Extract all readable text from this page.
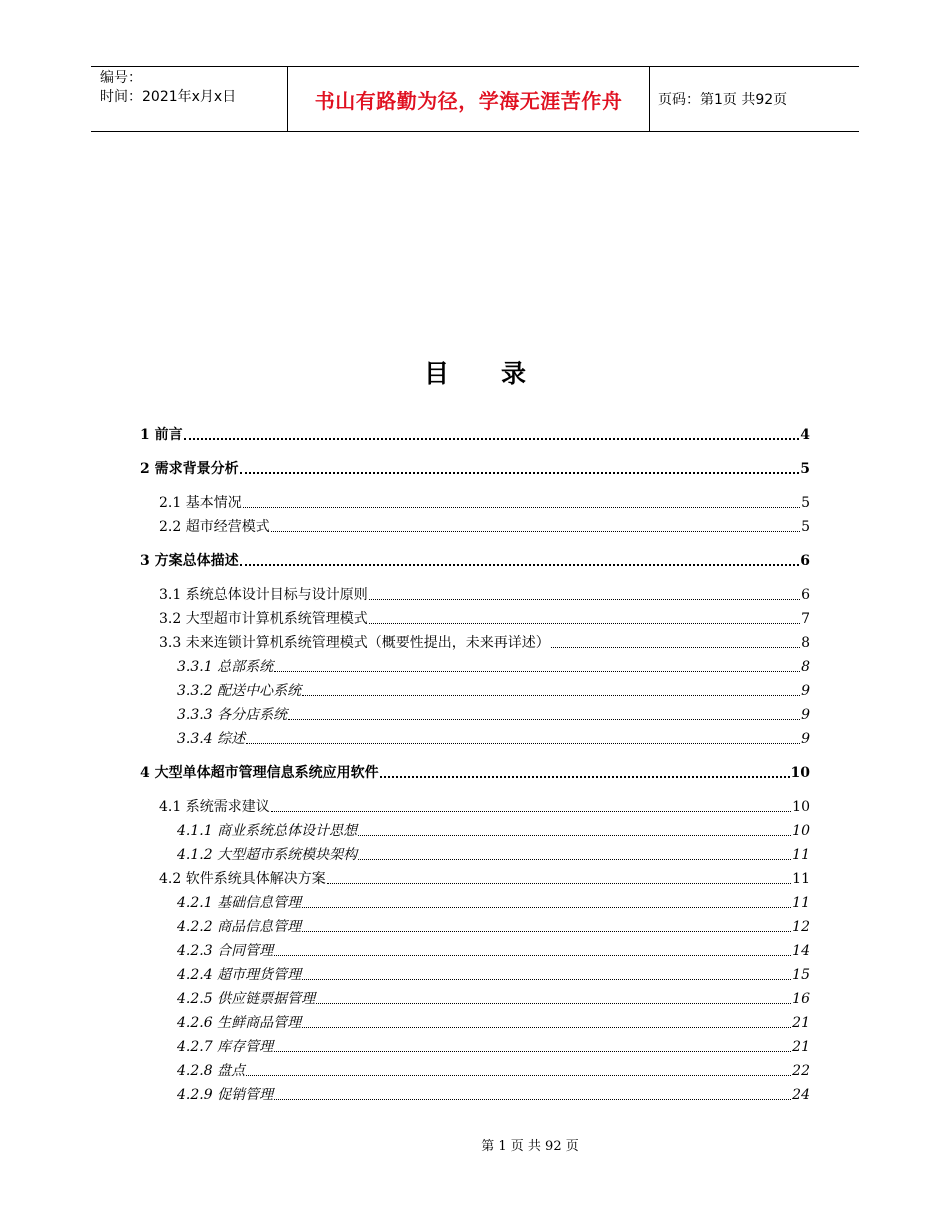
编号：
时间：2021年x月x日	书山有路勤为径，学海无涯苦作舟	页码：第1页 共92页
目录
1 前言	4
2 需求背景分析	5
2.1 基本情况	5
2.2 超市经营模式	5
3 方案总体描述	6
3.1 系统总体设计目标与设计原则	6
3.2 大型超市计算机系统管理模式	7
3.3 未来连锁计算机系统管理模式（概要性提出，未来再详述）	8
3.3.1 总部系统	8
3.3.2 配送中心系统	9
3.3.3 各分店系统	9
3.3.4 综述	9
4 大型单体超市管理信息系统应用软件	10
4.1 系统需求建议	10
4.1.1 商业系统总体设计思想	10
4.1.2 大型超市系统模块架构	11
4.2 软件系统具体解决方案	11
4.2.1 基础信息管理	11
4.2.2 商品信息管理	12
4.2.3 合同管理	14
4.2.4 超市理货管理	15
4.2.5 供应链票据管理	16
4.2.6 生鲜商品管理	21
4.2.7 库存管理	21
4.2.8 盘点	22
4.2.9 促销管理	24
第 1 页 共 92 页
